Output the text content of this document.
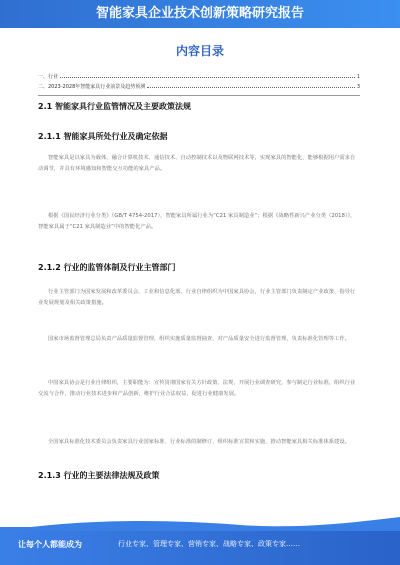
智能家具企业技术创新策略研究报告
内容目录
一、行业	1
二、2023-2028年智能家具行业前景及趋势预测	3
2.1 智能家具行业监管情况及主要政策法规
2.1.1 智能家具所处行业及确定依据
智能家具是以家具为载体，融合计算机技术、通信技术、自动控制技术以及物联网技术等，实现家具的智能化，能够根据用户需求自动调节，并具有环境感知和智能交互功能的家具产品。
根据《国民经济行业分类》（GB/T 4754-2017），智能家具所属行业为“C21 家具制造业”；根据《战略性新兴产业分类（2018）》，智能家具属于“C21 家具制造业”中的智能化产品。
2.1.2 行业的监管体制及行业主管部门
行业主管部门为国家发展和改革委员会、工业和信息化部，行业自律组织为中国家具协会，行业主管部门负责制定产业政策、指导行业发展规划及相关政策措施。
国家市场监督管理总局负责产品质量监督管理，组织实施质量监督抽查，对产品质量安全进行监督管理，负责标准化管理等工作。
中国家具协会是行业自律组织，主要职能为：宣传贯彻国家有关方针政策、法规，开展行业调查研究，参与制定行业标准，组织行业交流与合作，推动行业技术进步和产品创新，维护行业合法权益，促进行业健康发展。
全国家具标准化技术委员会负责家具行业国家标准、行业标准的制修订，组织标准宣贯和实施，推动智能家具相关标准体系建设。
2.1.3 行业的主要法律法规及政策
让每个人都能成为	行业专家、管理专家、营销专家、战略专家、政策专家……
